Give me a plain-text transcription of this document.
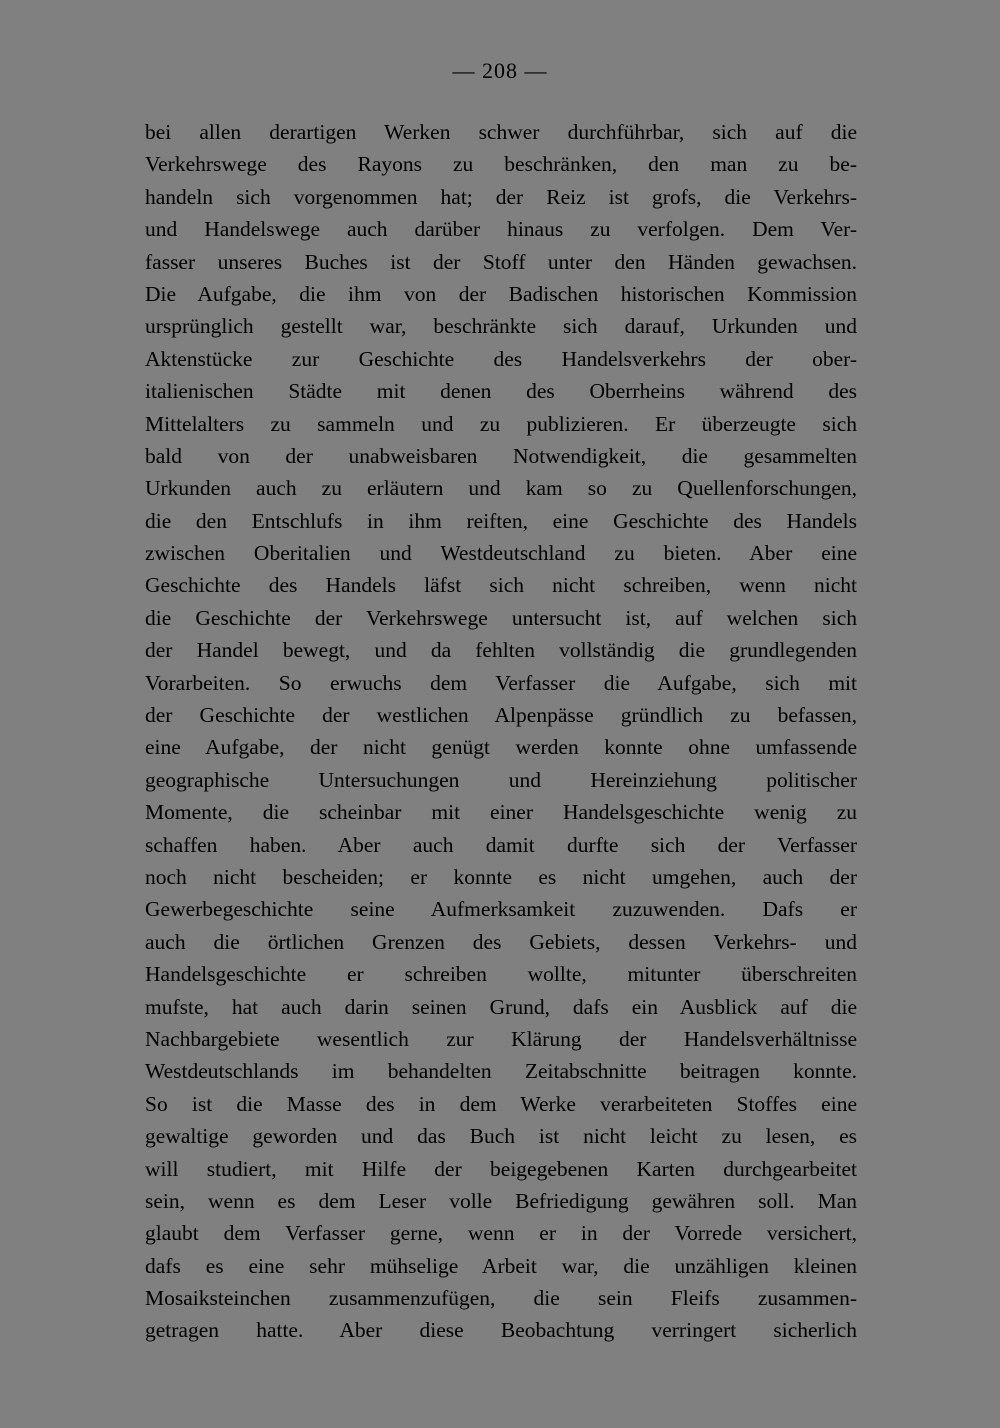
— 208 —
bei allen derartigen Werken schwer durchführbar, sich auf die
Verkehrswege des Rayons zu beschränken, den man zu be-
handeln sich vorgenommen hat; der Reiz ist grofs, die Verkehrs-
und Handelswege auch darüber hinaus zu verfolgen. Dem Ver-
fasser unseres Buches ist der Stoff unter den Händen gewachsen.
Die Aufgabe, die ihm von der Badischen historischen Kommission
ursprünglich gestellt war, beschränkte sich darauf, Urkunden und
Aktenstücke zur Geschichte des Handelsverkehrs der ober-
italienischen Städte mit denen des Oberrheins während des
Mittelalters zu sammeln und zu publizieren. Er überzeugte sich
bald von der unabweisbaren Notwendigkeit, die gesammelten
Urkunden auch zu erläutern und kam so zu Quellenforschungen,
die den Entschlufs in ihm reiften, eine Geschichte des Handels
zwischen Oberitalien und Westdeutschland zu bieten. Aber eine
Geschichte des Handels läfst sich nicht schreiben, wenn nicht
die Geschichte der Verkehrswege untersucht ist, auf welchen sich
der Handel bewegt, und da fehlten vollständig die grundlegenden
Vorarbeiten. So erwuchs dem Verfasser die Aufgabe, sich mit
der Geschichte der westlichen Alpenpässe gründlich zu befassen,
eine Aufgabe, der nicht genügt werden konnte ohne umfassende
geographische Untersuchungen und Hereinziehung politischer
Momente, die scheinbar mit einer Handelsgeschichte wenig zu
schaffen haben. Aber auch damit durfte sich der Verfasser
noch nicht bescheiden; er konnte es nicht umgehen, auch der
Gewerbegeschichte seine Aufmerksamkeit zuzuwenden. Dafs er
auch die örtlichen Grenzen des Gebiets, dessen Verkehrs- und
Handelsgeschichte er schreiben wollte, mitunter überschreiten
mufste, hat auch darin seinen Grund, dafs ein Ausblick auf die
Nachbargebiete wesentlich zur Klärung der Handelsverhältnisse
Westdeutschlands im behandelten Zeitabschnitte beitragen konnte.
So ist die Masse des in dem Werke verarbeiteten Stoffes eine
gewaltige geworden und das Buch ist nicht leicht zu lesen, es
will studiert, mit Hilfe der beigegebenen Karten durchgearbeitet
sein, wenn es dem Leser volle Befriedigung gewähren soll. Man
glaubt dem Verfasser gerne, wenn er in der Vorrede versichert,
dafs es eine sehr mühselige Arbeit war, die unzähligen kleinen
Mosaiksteinchen zusammenzufügen, die sein Fleifs zusammen-
getragen hatte. Aber diese Beobachtung verringert sicherlich
